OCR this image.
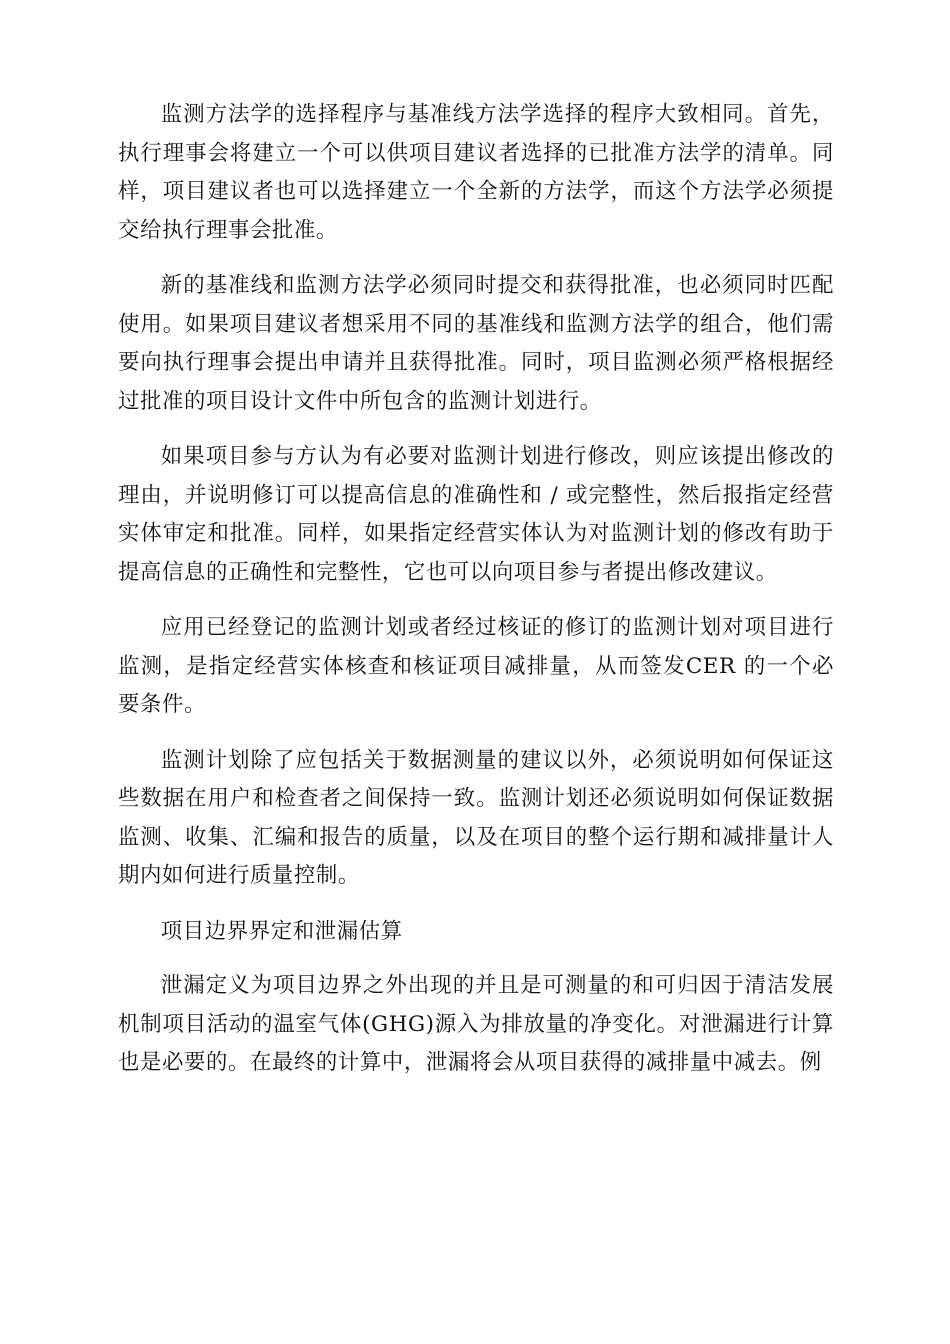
监测方法学的选择程序与基准线方法学选择的程序大致相同。首先，执行理事会将建立一个可以供项目建议者选择的已批准方法学的清单。同样，项目建议者也可以选择建立一个全新的方法学，而这个方法学必须提交给执行理事会批准。

新的基准线和监测方法学必须同时提交和获得批准，也必须同时匹配使用。如果项目建议者想采用不同的基准线和监测方法学的组合，他们需要向执行理事会提出申请并且获得批准。同时，项目监测必须严格根据经过批准的项目设计文件中所包含的监测计划进行。

如果项目参与方认为有必要对监测计划进行修改，则应该提出修改的理由，并说明修订可以提高信息的准确性和 / 或完整性，然后报指定经营实体审定和批准。同样，如果指定经营实体认为对监测计划的修改有助于提高信息的正确性和完整性，它也可以向项目参与者提出修改建议。

应用已经登记的监测计划或者经过核证的修订的监测计划对项目进行监测，是指定经营实体核查和核证项目减排量，从而签发CER 的一个必要条件。

监测计划除了应包括关于数据测量的建议以外，必须说明如何保证这些数据在用户和检查者之间保持一致。监测计划还必须说明如何保证数据监测、收集、汇编和报告的质量，以及在项目的整个运行期和减排量计人期内如何进行质量控制。

项目边界界定和泄漏估算

泄漏定义为项目边界之外出现的并且是可测量的和可归因于清洁发展机制项目活动的温室气体(GHG)源入为排放量的净变化。对泄漏进行计算也是必要的。在最终的计算中，泄漏将会从项目获得的减排量中减去。例
